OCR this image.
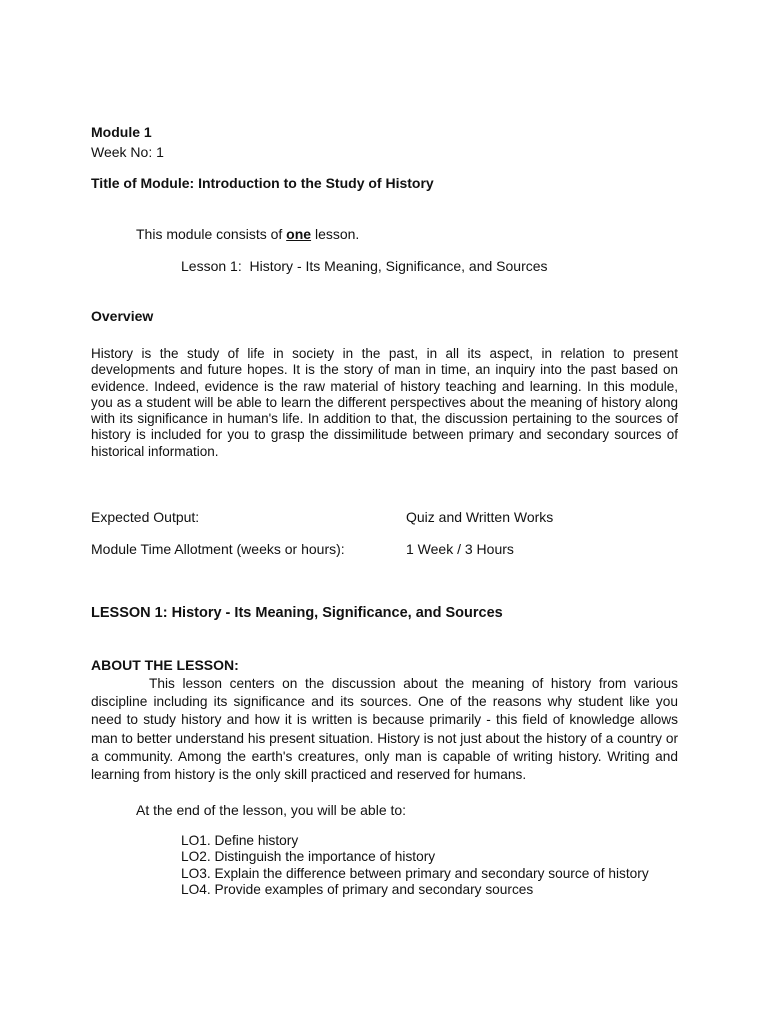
Module 1
Week No: 1
Title of Module: Introduction to the Study of History
This module consists of one lesson.
Lesson 1:  History - Its Meaning, Significance, and Sources
Overview
History is the study of life in society in the past, in all its aspect, in relation to present developments and future hopes. It is the story of man in time, an inquiry into the past based on evidence. Indeed, evidence is the raw material of history teaching and learning. In this module, you as a student will be able to learn the different perspectives about the meaning of history along with its significance in human's life. In addition to that, the discussion pertaining to the sources of history is included for you to grasp the dissimilitude between primary and secondary sources of historical information.
Expected Output:	Quiz and Written Works
Module Time Allotment (weeks or hours):	1 Week / 3 Hours
LESSON 1: History - Its Meaning, Significance, and Sources
ABOUT THE LESSON:
This lesson centers on the discussion about the meaning of history from various discipline including its significance and its sources. One of the reasons why student like you need to study history and how it is written is because primarily - this field of knowledge allows man to better understand his present situation. History is not just about the history of a country or a community. Among the earth's creatures, only man is capable of writing history. Writing and learning from history is the only skill practiced and reserved for humans.
At the end of the lesson, you will be able to:
LO1. Define history
LO2. Distinguish the importance of history
LO3. Explain the difference between primary and secondary source of history
LO4. Provide examples of primary and secondary sources
